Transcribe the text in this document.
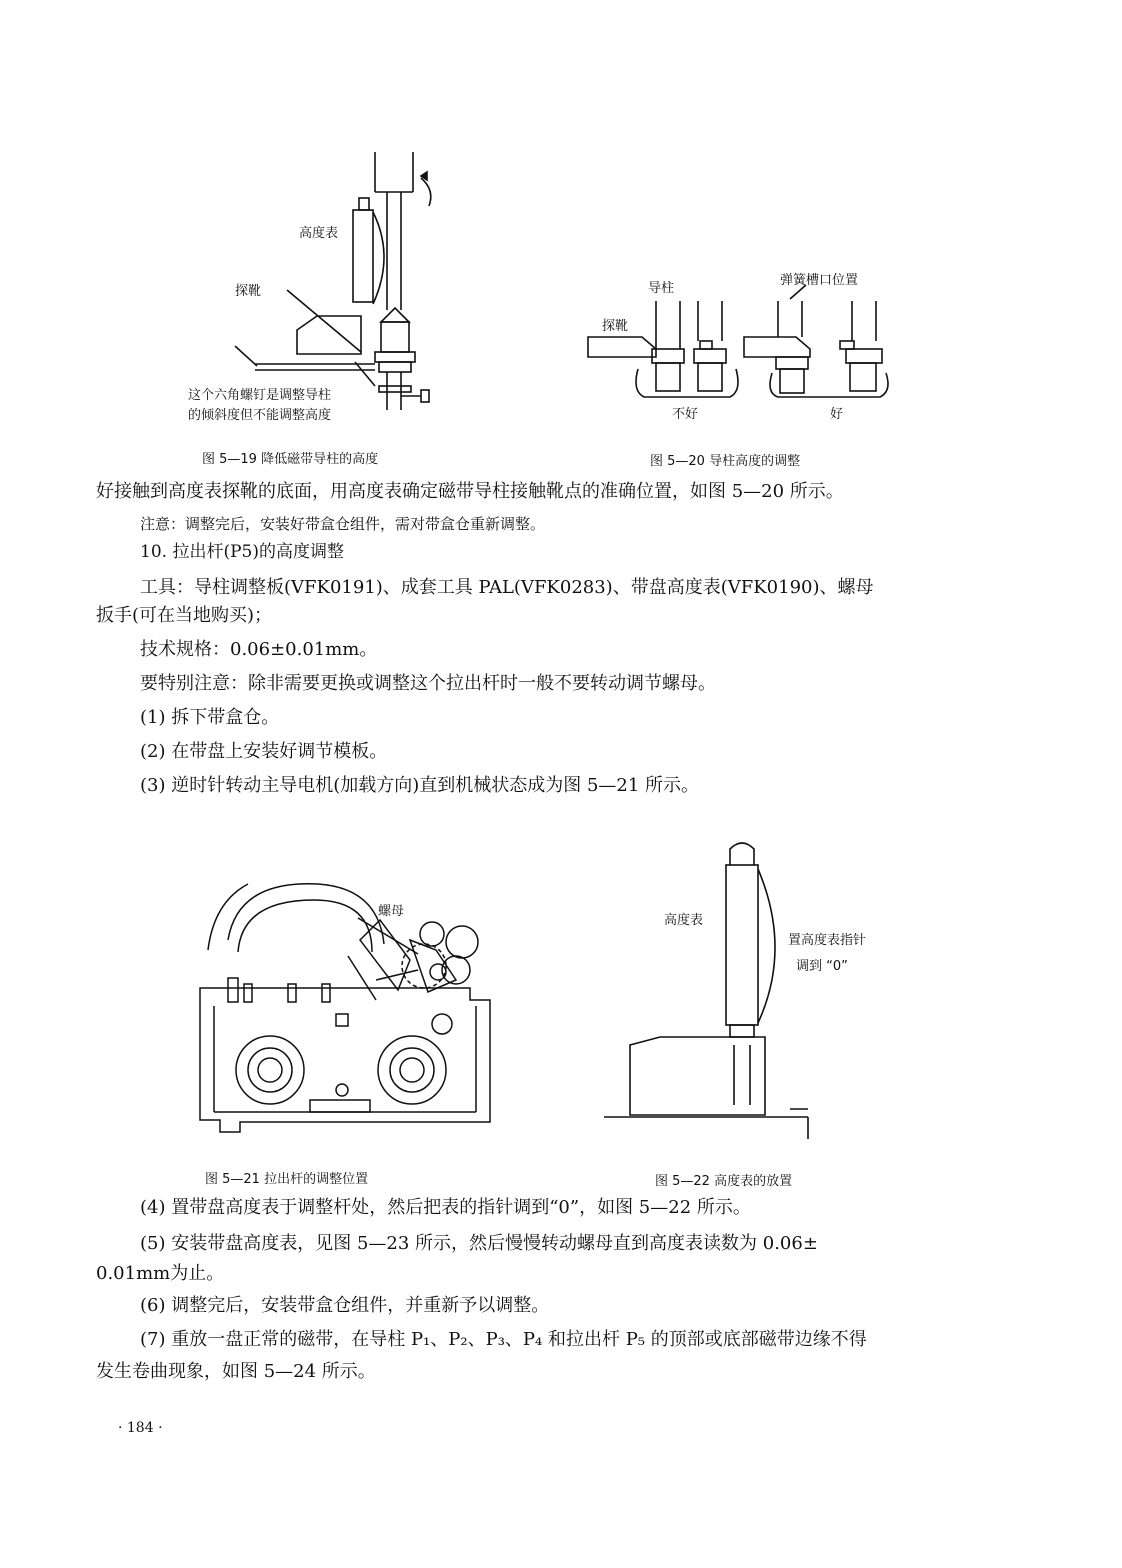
高度表
探靴
这个六角螺钉是调整导柱
的倾斜度但不能调整高度
图 5—19 降低磁带导柱的高度
导柱
探靴
弹簧槽口位置
不好	好
图 5—20 导柱高度的调整
好接触到高度表探靴的底面，用高度表确定磁带导柱接触靴点的准确位置，如图 5—20 所示。
注意：调整完后，安装好带盒仓组件，需对带盒仓重新调整。
10. 拉出杆(P5)的高度调整
工具：导柱调整板(VFK0191)、成套工具 PAL(VFK0283)、带盘高度表(VFK0190)、螺母
扳手(可在当地购买)；
技术规格：0.06±0.01mm。
要特别注意：除非需要更换或调整这个拉出杆时一般不要转动调节螺母。
(1) 拆下带盒仓。
(2) 在带盘上安装好调节模板。
(3) 逆时针转动主导电机(加载方向)直到机械状态成为图 5—21 所示。
螺母
图 5—21 拉出杆的调整位置
高度表
置高度表指针
调到 “0”
图 5—22 高度表的放置
(4) 置带盘高度表于调整杆处，然后把表的指针调到“0”，如图 5—22 所示。
(5) 安装带盘高度表，见图 5—23 所示，然后慢慢转动螺母直到高度表读数为 0.06±
0.01mm为止。
(6) 调整完后，安装带盒仓组件，并重新予以调整。
(7) 重放一盘正常的磁带，在导柱 P₁、P₂、P₃、P₄ 和拉出杆 P₅ 的顶部或底部磁带边缘不得
发生卷曲现象，如图 5—24 所示。
· 184 ·
